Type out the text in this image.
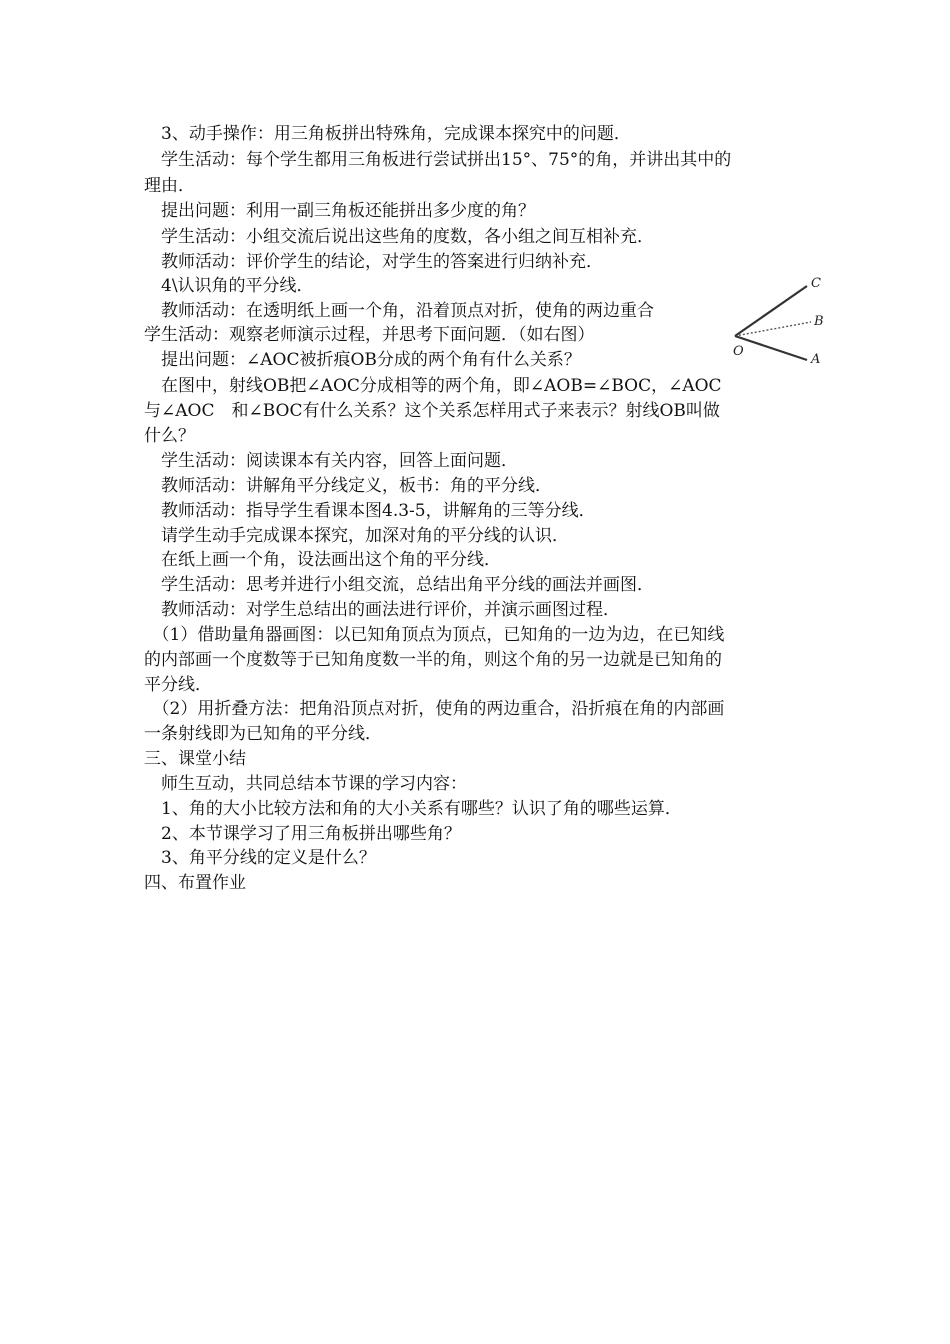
　3、动手操作：用三角板拼出特殊角，完成课本探究中的问题．
　学生活动：每个学生都用三角板进行尝试拼出15°、75°的角，并讲出其中的
理由．
　提出问题：利用一副三角板还能拼出多少度的角？
　学生活动：小组交流后说出这些角的度数，各小组之间互相补充．
　教师活动：评价学生的结论，对学生的答案进行归纳补充．
　4\认识角的平分线．
　教师活动：在透明纸上画一个角，沿着顶点对折，使角的两边重合
学生活动：观察老师演示过程，并思考下面问题．（如右图）
　提出问题：∠AOC被折痕OB分成的两个角有什么关系？
　在图中，射线OB把∠AOC分成相等的两个角，即∠AOB=∠BOC，∠AOC
与∠AOC　和∠BOC有什么关系？这个关系怎样用式子来表示？射线OB叫做
什么？
　学生活动：阅读课本有关内容，回答上面问题．
　教师活动：讲解角平分线定义，板书：角的平分线．
　教师活动：指导学生看课本图4.3-5，讲解角的三等分线．
　请学生动手完成课本探究，加深对角的平分线的认识．
　在纸上画一个角，设法画出这个角的平分线．
　学生活动：思考并进行小组交流，总结出角平分线的画法并画图．
　教师活动：对学生总结出的画法进行评价，并演示画图过程．
　（1）借助量角器画图：以已知角顶点为顶点，已知角的一边为边，在已知线
的内部画一个度数等于已知角度数一半的角，则这个角的另一边就是已知角的
平分线．
　（2）用折叠方法：把角沿顶点对折，使角的两边重合，沿折痕在角的内部画
一条射线即为已知角的平分线．
三、课堂小结
　师生互动，共同总结本节课的学习内容：
　1、角的大小比较方法和角的大小关系有哪些？认识了角的哪些运算．
　2、本节课学习了用三角板拼出哪些角？
　3、角平分线的定义是什么？
四、布置作业
C
B
O
A
